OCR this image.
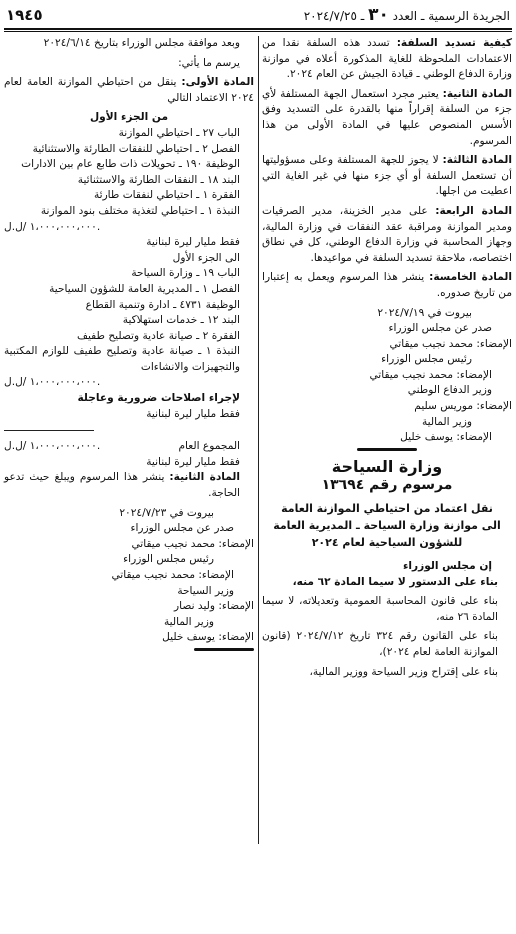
الجريدة الرسمية ـ العدد ٣٠ ـ ٢٠٢٤/٧/٢٥
١٩٤٥

كيفية تسديد السلفة: تسدد هذه السلفة نقدا من الاعتمادات الملحوظة للغاية المذكورة أعلاه في موازنة وزارة الدفاع الوطني ـ قيادة الجيش عن العام ٢٠٢٤.

المادة الثانية: يعتبر مجرد استعمال الجهة المستلفة لأي جزء من السلفة إقراراً منها بالقدرة على التسديد وفق الأسس المنصوص عليها في المادة الأولى من هذا المرسوم.

المادة الثالثة: لا يجوز للجهة المستلفة وعلى مسؤوليتها أن تستعمل السلفة أو أي جزء منها في غير الغاية التي اعطيت من اجلها.

المادة الرابعة: على مدير الخزينة، مدير الصرفيات ومدير الموازنة ومراقبة عقد النفقات في وزارة المالية، وجهاز المحاسبة في وزارة الدفاع الوطني، كل في نطاق اختصاصه، ملاحقة تسديد السلفة في مواعيدها.

المادة الخامسة: ينشر هذا المرسوم ويعمل به إعتبارا من تاريخ صدوره.

بيروت في ٢٠٢٤/٧/١٩
صدر عن مجلس الوزراء
الإمضاء: محمد نجيب ميقاتي
رئيس مجلس الوزراء
الإمضاء: محمد نجيب ميقاتي
وزير الدفاع الوطني
الإمضاء: موريس سليم
وزير المالية
الإمضاء: يوسف خليل
وزارة السياحة
مرسوم رقم ١٣٦٩٤
نقل اعتماد من احتياطي الموازنة العامة
الى موازنة وزارة السياحة ـ المديرية العامة
للشؤون السياحية لعام ٢٠٢٤
إن مجلس الوزراء

بناء على الدستور لا سيما المادة ٦٢ منه،

بناء على قانون المحاسبة العمومية وتعديلاته، لا سيما المادة ٢٦ منه،

بناء على القانون رقم ٣٢٤ تاريخ ٢٠٢٤/٧/١٢ (قانون الموازنة العامة لعام ٢٠٢٤)،

بناء على إقتراح وزير السياحة ووزير المالية،

وبعد موافقة مجلس الوزراء بتاريخ ٢٠٢٤/٦/١٤

يرسم ما يأتي:

المادة الأولى: ينقل من احتياطي الموازنة العامة لعام ٢٠٢٤ الاعتماد التالي

من الجزء الأول
الباب ٢٧ ـ احتياطي الموازنة
الفصل ٢ ـ احتياطي للنفقات الطارئة والاستثنائية
الوظيفة ١٩٠ ـ تحويلات ذات طابع عام بين الادارات
البند ١٨ ـ النفقات الطارئة والاستثنائية
الفقرة ١ ـ احتياطي لنفقات طارئة
النبذة ١ ـ احتياطي لتغذية مختلف بنود الموازنة
١،٠٠٠،٠٠٠،٠٠٠ /ل.ل.
فقط مليار ليرة لبنانية
الى الجزء الأول
الباب ١٩ ـ وزارة السياحة
الفصل ١ ـ المديرية العامة للشؤون السياحية
الوظيفة ٤٧٣١ ـ ادارة وتنمية القطاع
البند ١٢ ـ خدمات استهلاكية
الفقرة ٢ ـ صيانة عادية وتصليح طفيف
النبذة ١ ـ صيانة عادية وتصليح طفيف للوازم المكتبية والتجهيزات والانشاءات
١،٠٠٠،٠٠٠،٠٠٠ /ل.ل.
لإجراء اصلاحات ضرورية وعاجلة
فقط مليار ليرة لبنانية
المجموع العام
١،٠٠٠،٠٠٠،٠٠٠ /ل.ل.
فقط مليار ليرة لبنانية

المادة الثانية: ينشر هذا المرسوم ويبلغ حيث تدعو الحاجة.

بيروت في ٢٠٢٤/٧/٢٣
صدر عن مجلس الوزراء
الإمضاء: محمد نجيب ميقاتي
رئيس مجلس الوزراء
الإمضاء: محمد نجيب ميقاتي
وزير السياحة
الإمضاء: وليد نصار
وزير المالية
الإمضاء: يوسف خليل
